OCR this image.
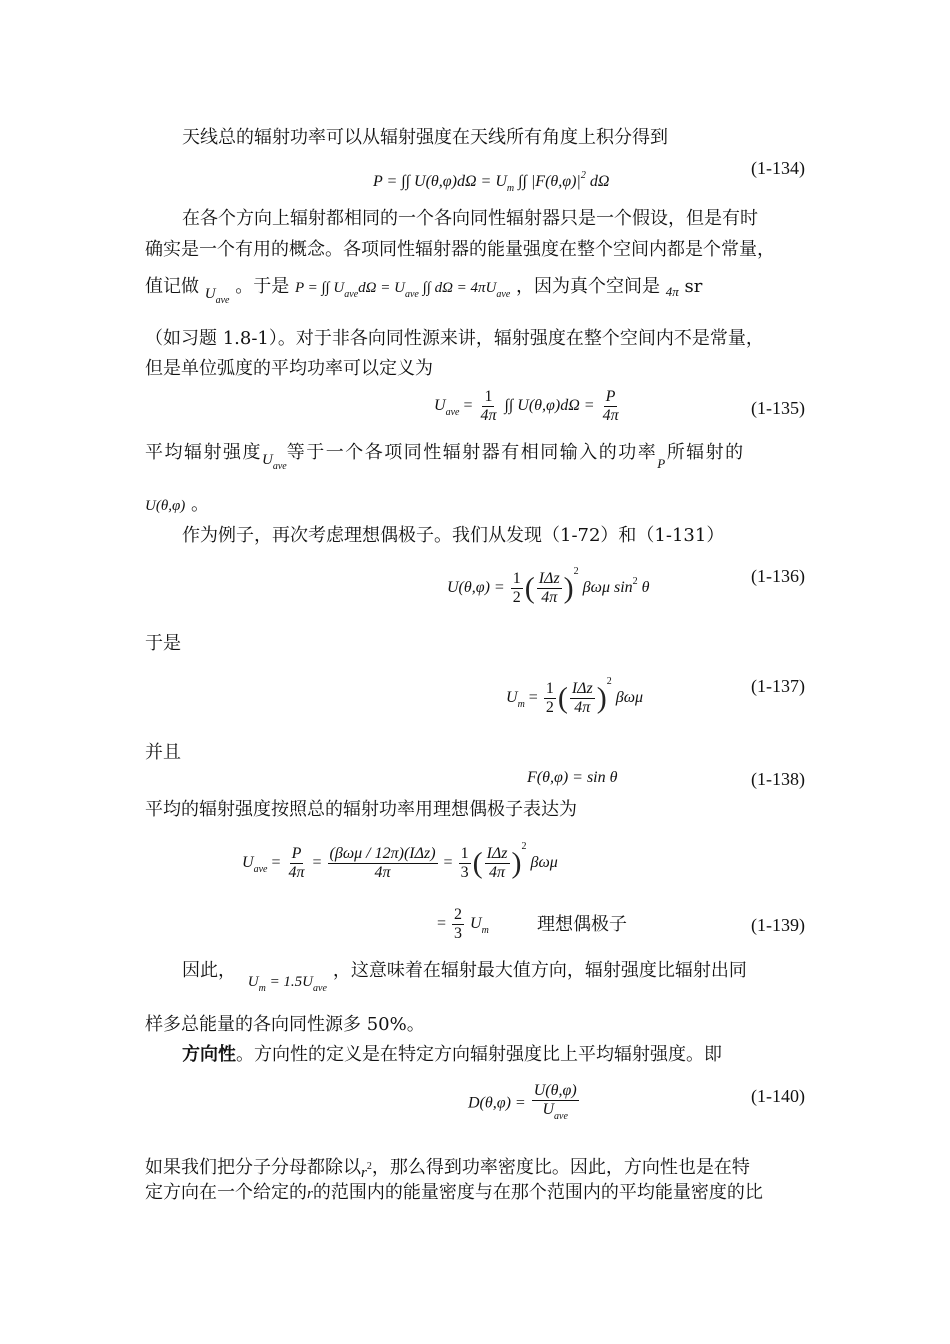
天线总的辐射功率可以从辐射强度在天线所有角度上积分得到
P = ∫∫ $U(\theta,\varphi)d\Omega = U_m$ ∫∫ $|F(\theta,\varphi)|^2$ dΩ
(1-134)
在各个方向上辐射都相同的一个各向同性辐射器只是一个假设，但是有时
确实是一个有用的概念。各项同性辐射器的能量强度在整个空间内都是个常量，
值记做 $_{U_{ave}}$ 。于是 P = ∫∫ $U_{ave}d\Omega = U_{ave}$ ∫∫ $d\Omega = 4\pi U_{ave}$ ，因为真个空间是 $_{4\pi}$ sr
（如习题 1.8-1）。对于非各向同性源来讲，辐射强度在整个空间内不是常量，
但是单位弧度的平均功率可以定义为
$U_{ave} = \frac{1}{4\pi}$ ∫∫ $U(\theta,\varphi)d\Omega = \frac{P}{4\pi}$	(1-135)
平均辐射强度$_{U_{ave}}$等于一个各项同性辐射器有相同输入的功率$_P$所辐射的
U(θ,φ) 。
作为例子，再次考虑理想偶极子。我们从发现（1-72）和（1-131）
$U(\theta,\varphi) = \frac{1}{2}$ ( $\frac{\text{IΔz}}{4\pi} )^2$ βωμ $\sin^2 \theta$
(1-136)
于是
$U_m = \frac{1}{2}$ ( $\frac{\text{IΔz}}{4\pi} )^2$ βωμ
(1-137)
并且
F(θ,φ) = sin θ	(1-138)
平均的辐射强度按照总的辐射功率用理想偶极子表达为
$U_{ave} = \frac{P}{4\pi} = \frac{\text{(βωμ / 12π)(IΔz)}}{4\pi} = \frac{1}{3}$ ( $\frac{\text{IΔz}}{4\pi} )^2$ βωμ
= $\frac{2}{3} U_m$	理想偶极子	(1-139)
因此， $_{U_m = 1.5U_{ave}}$，这意味着在辐射最大值方向，辐射强度比辐射出同
样多总能量的各向同性源多 50%。
方向性。方向性的定义是在特定方向辐射强度比上平均辐射强度。即
$D(\theta,\varphi) = \frac{U(\theta,\varphi)}{U_{ave}}$	(1-140)
如果我们把分子分母都除以$_{r^2}$，那么得到功率密度比。因此，方向性也是在特
定方向在一个给定的r的范围内的能量密度与在那个范围内的平均能量密度的比
